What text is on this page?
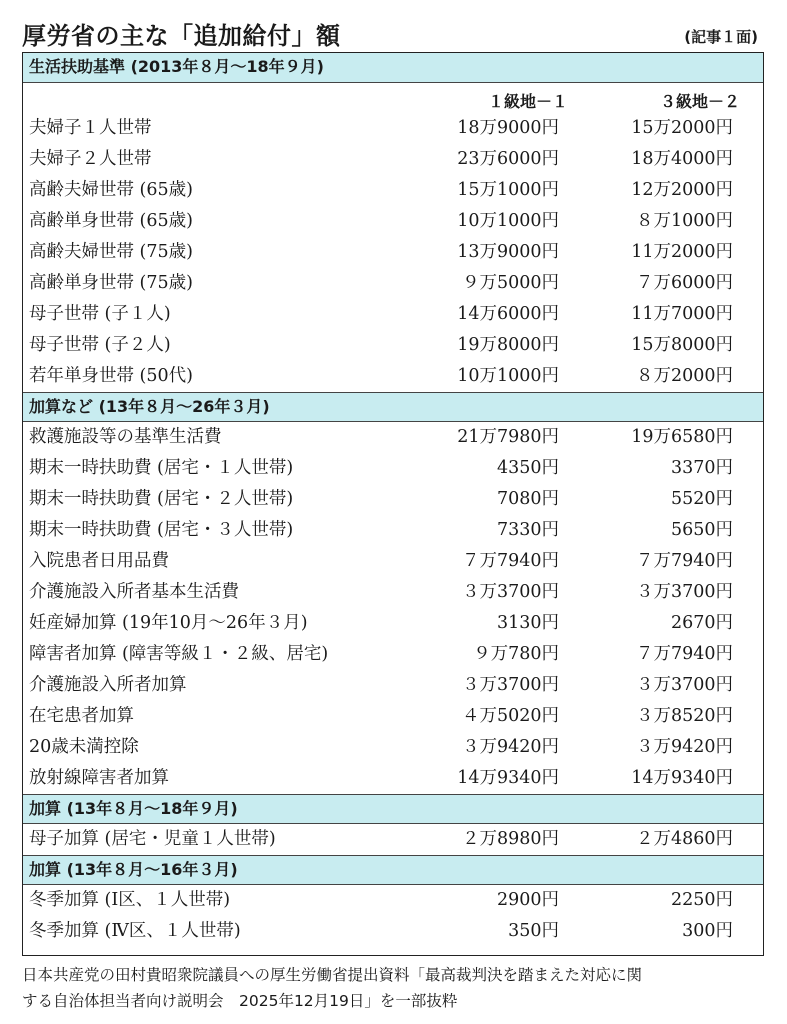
厚労省の主な「追加給付」額	(記事１面)
生活扶助基準 (2013年８月～18年９月)
１級地－１	３級地－２
夫婦子１人世帯	18万9000円	15万2000円
夫婦子２人世帯	23万6000円	18万4000円
高齢夫婦世帯 (65歳)	15万1000円	12万2000円
高齢単身世帯 (65歳)	10万1000円	８万1000円
高齢夫婦世帯 (75歳)	13万9000円	11万2000円
高齢単身世帯 (75歳)	９万5000円	７万6000円
母子世帯 (子１人)	14万6000円	11万7000円
母子世帯 (子２人)	19万8000円	15万8000円
若年単身世帯 (50代)	10万1000円	８万2000円
加算など (13年８月～26年３月)
救護施設等の基準生活費	21万7980円	19万6580円
期末一時扶助費 (居宅・１人世帯)	4350円	3370円
期末一時扶助費 (居宅・２人世帯)	7080円	5520円
期末一時扶助費 (居宅・３人世帯)	7330円	5650円
入院患者日用品費	７万7940円	７万7940円
介護施設入所者基本生活費	３万3700円	３万3700円
妊産婦加算 (19年10月～26年３月)	3130円	2670円
障害者加算 (障害等級１・２級、居宅)	９万780円	７万7940円
介護施設入所者加算	３万3700円	３万3700円
在宅患者加算	４万5020円	３万8520円
20歳未満控除	３万9420円	３万9420円
放射線障害者加算	14万9340円	14万9340円
加算 (13年８月～18年９月)
母子加算 (居宅・児童１人世帯)	２万8980円	２万4860円
加算 (13年８月～16年３月)
冬季加算 (Ⅰ区、１人世帯)	2900円	2250円
冬季加算 (Ⅳ区、１人世帯)	350円	300円
日本共産党の田村貴昭衆院議員への厚生労働省提出資料「最高裁判決を踏まえた対応に関
する自治体担当者向け説明会　2025年12月19日」を一部抜粋
